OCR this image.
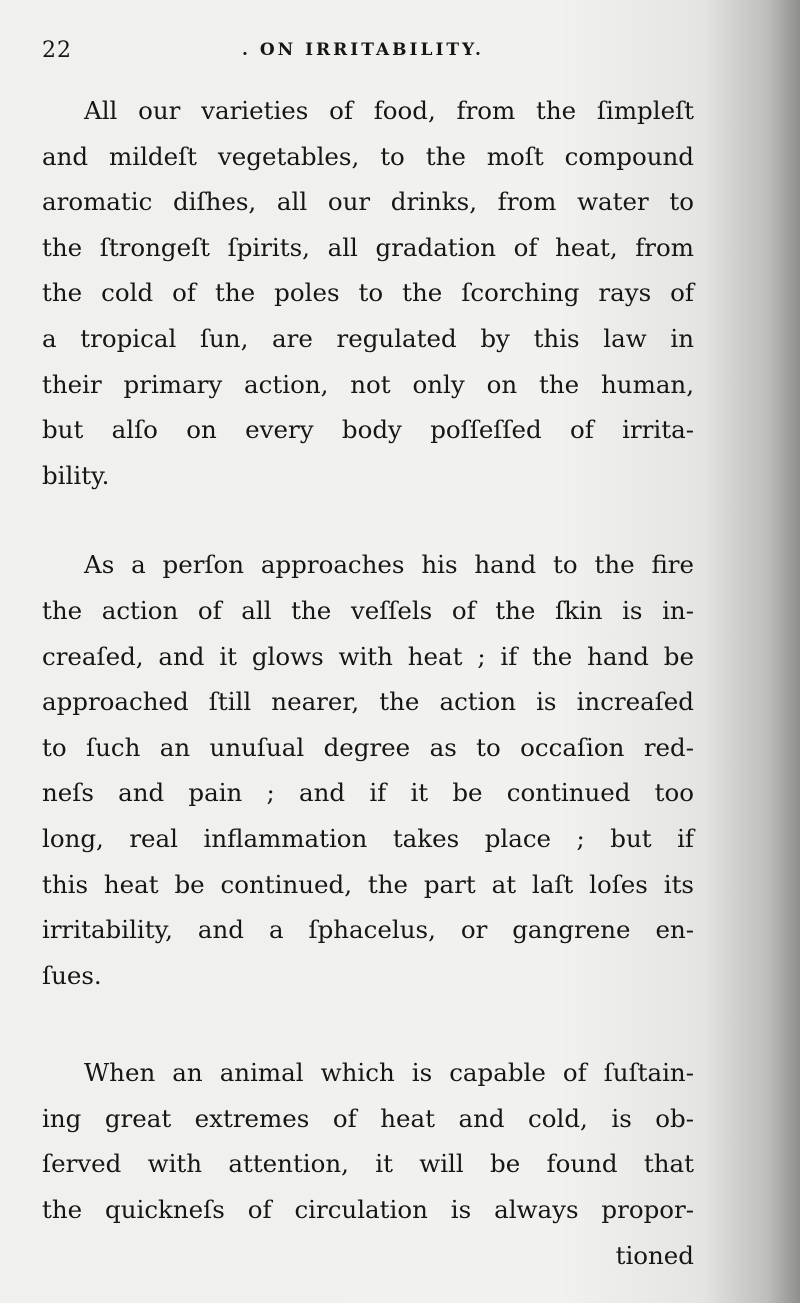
22	. ON IRRITABILITY.

All our varieties of food, from the ſimpleſt
and mildeſt vegetables, to the moſt compound
aromatic diſhes, all our drinks, from water to
the ſtrongeſt ſpirits, all gradation of heat, from
the cold of the poles to the ſcorching rays of
a tropical ſun, are regulated by this law in
their primary action, not only on the human,
but alſo on every body poſſeſſed of irrita-
bility.

As a perſon approaches his hand to the fire
the action of all the veſſels of the ſkin is in-
creaſed, and it glows with heat ; if the hand be
approached ſtill nearer, the action is increaſed
to ſuch an unuſual degree as to occaſion red-
neſs and pain ; and if it be continued too
long, real inflammation takes place ; but if
this heat be continued, the part at laſt loſes its
irritability, and a ſphacelus, or gangrene en-
ſues.

When an animal which is capable of ſuſtain-
ing great extremes of heat and cold, is ob-
ſerved with attention, it will be found that
the quickneſs of circulation is always propor-
tioned
